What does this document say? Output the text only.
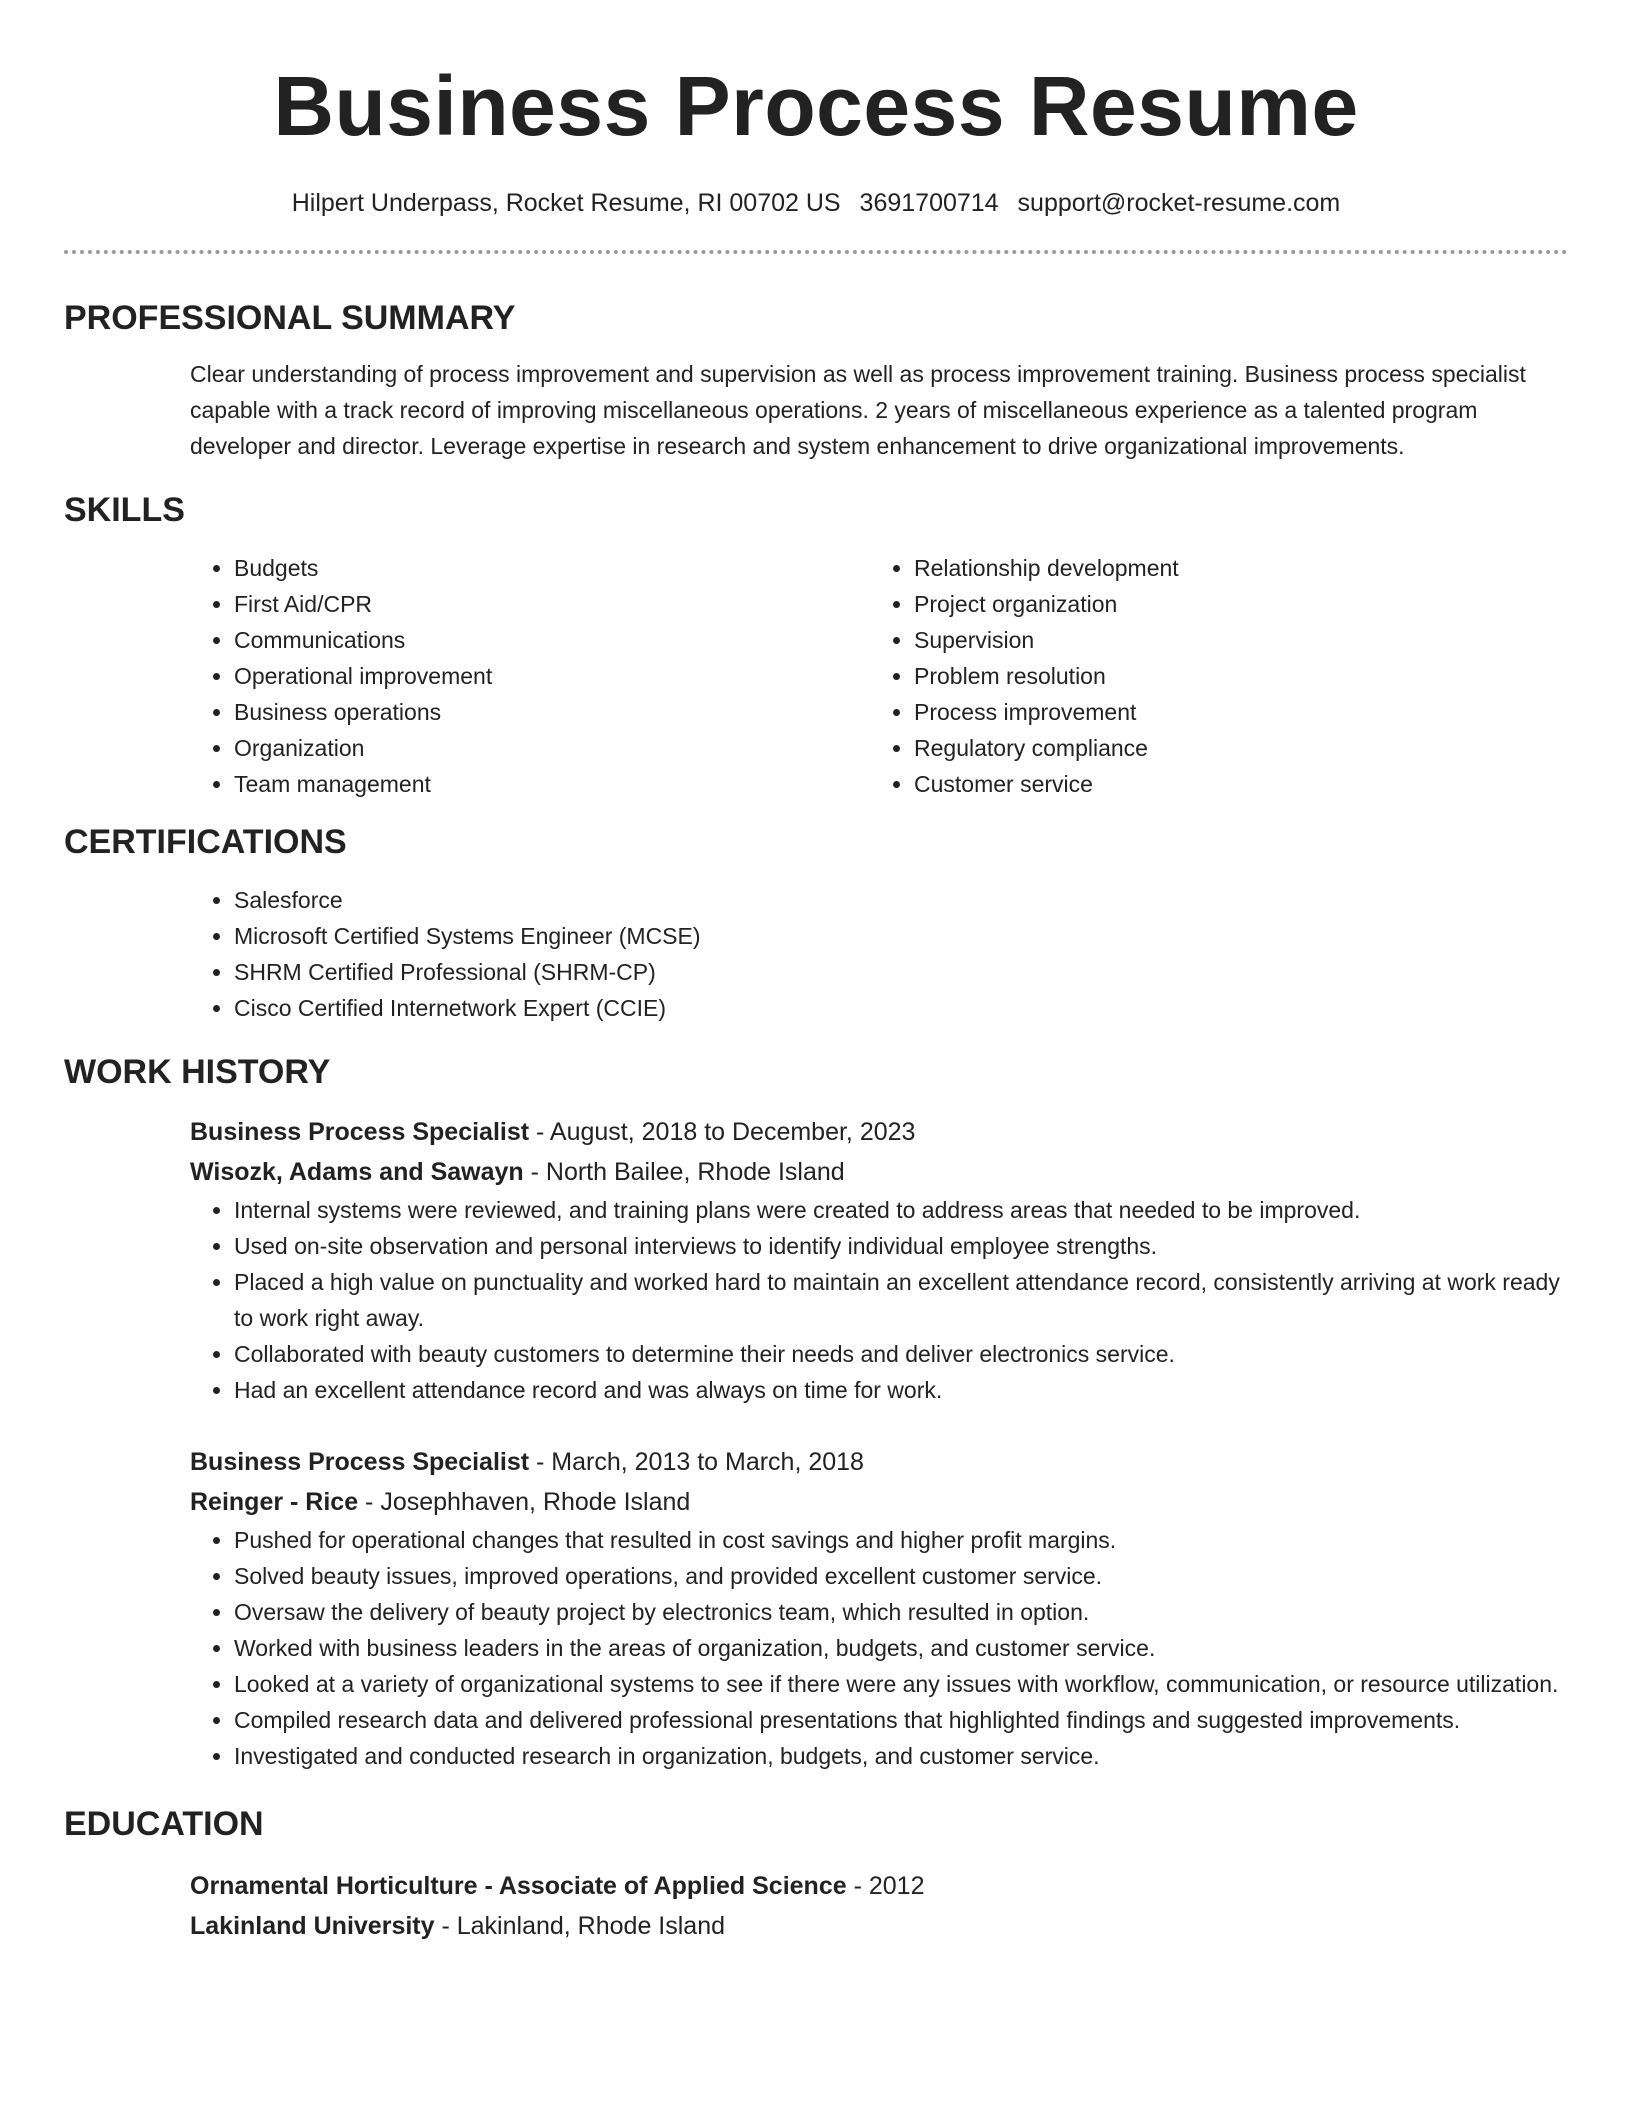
Business Process Resume
Hilpert Underpass, Rocket Resume, RI 00702 US 3691700714 support@rocket-resume.com
PROFESSIONAL SUMMARY
Clear understanding of process improvement and supervision as well as process improvement training. Business process specialist capable with a track record of improving miscellaneous operations. 2 years of miscellaneous experience as a talented program developer and director. Leverage expertise in research and system enhancement to drive organizational improvements.
SKILLS
• Budgets
• First Aid/CPR
• Communications
• Operational improvement
• Business operations
• Organization
• Team management
• Relationship development
• Project organization
• Supervision
• Problem resolution
• Process improvement
• Regulatory compliance
• Customer service
CERTIFICATIONS
• Salesforce
• Microsoft Certified Systems Engineer (MCSE)
• SHRM Certified Professional (SHRM-CP)
• Cisco Certified Internetwork Expert (CCIE)
WORK HISTORY
Business Process Specialist - August, 2018 to December, 2023
Wisozk, Adams and Sawayn - North Bailee, Rhode Island
• Internal systems were reviewed, and training plans were created to address areas that needed to be improved.
• Used on-site observation and personal interviews to identify individual employee strengths.
• Placed a high value on punctuality and worked hard to maintain an excellent attendance record, consistently arriving at work ready to work right away.
• Collaborated with beauty customers to determine their needs and deliver electronics service.
• Had an excellent attendance record and was always on time for work.
Business Process Specialist - March, 2013 to March, 2018
Reinger - Rice - Josephhaven, Rhode Island
• Pushed for operational changes that resulted in cost savings and higher profit margins.
• Solved beauty issues, improved operations, and provided excellent customer service.
• Oversaw the delivery of beauty project by electronics team, which resulted in option.
• Worked with business leaders in the areas of organization, budgets, and customer service.
• Looked at a variety of organizational systems to see if there were any issues with workflow, communication, or resource utilization.
• Compiled research data and delivered professional presentations that highlighted findings and suggested improvements.
• Investigated and conducted research in organization, budgets, and customer service.
EDUCATION
Ornamental Horticulture - Associate of Applied Science - 2012
Lakinland University - Lakinland, Rhode Island
